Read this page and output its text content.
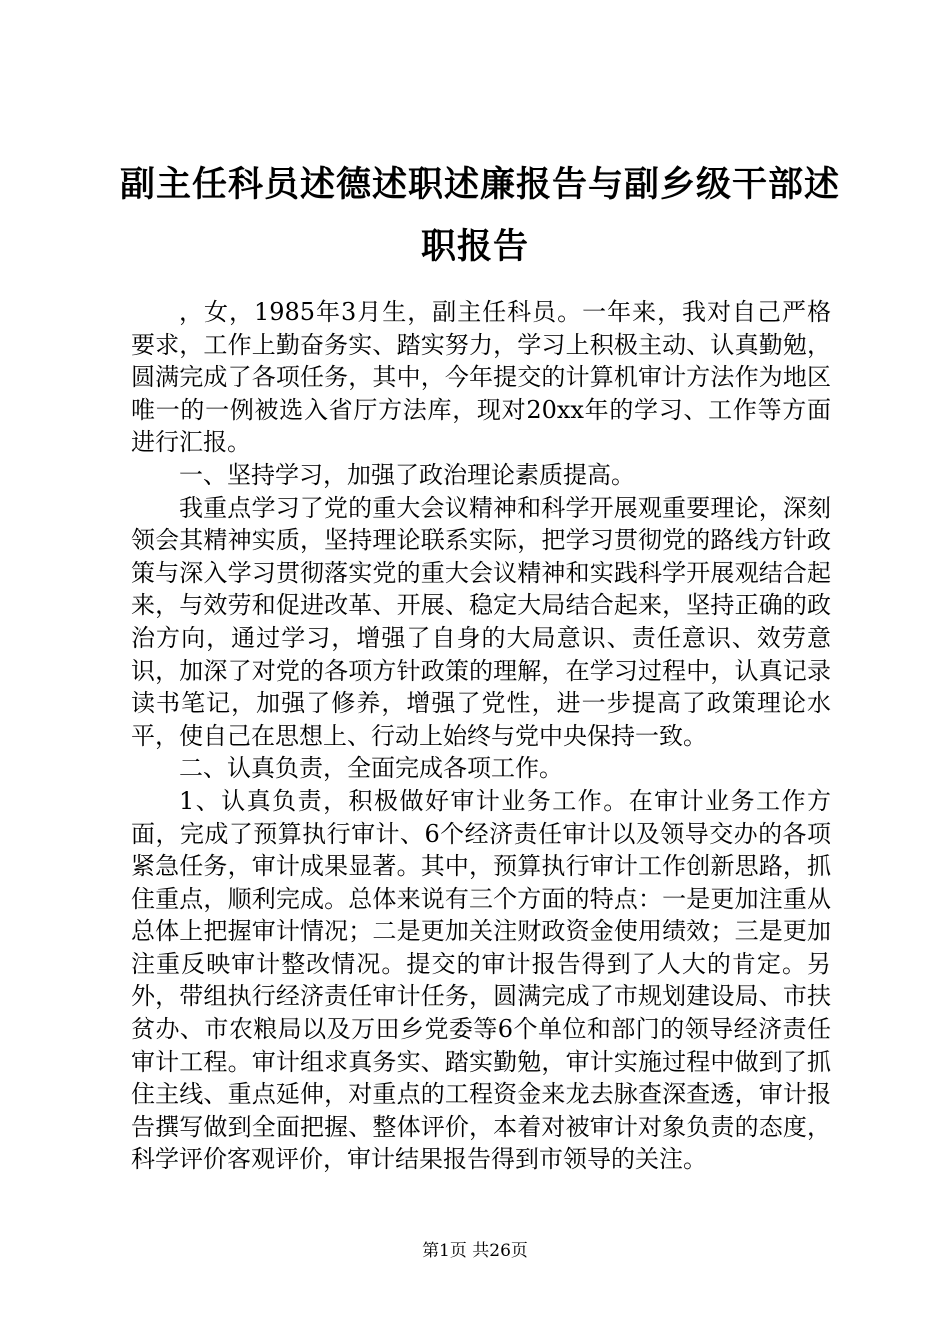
副主任科员述德述职述廉报告与副乡级干部述
职报告

，女，1985年3月生，副主任科员。一年来，我对自己严格要求，工作上勤奋务实、踏实努力，学习上积极主动、认真勤勉，圆满完成了各项任务，其中，今年提交的计算机审计方法作为地区唯一的一例被选入省厅方法库，现对20xx年的学习、工作等方面进行汇报。

一、坚持学习，加强了政治理论素质提高。

我重点学习了党的重大会议精神和科学开展观重要理论，深刻领会其精神实质，坚持理论联系实际，把学习贯彻党的路线方针政策与深入学习贯彻落实党的重大会议精神和实践科学开展观结合起来，与效劳和促进改革、开展、稳定大局结合起来，坚持正确的政治方向，通过学习，增强了自身的大局意识、责任意识、效劳意识，加深了对党的各项方针政策的理解，在学习过程中，认真记录读书笔记，加强了修养，增强了党性，进一步提高了政策理论水平，使自己在思想上、行动上始终与党中央保持一致。

二、认真负责，全面完成各项工作。

1、认真负责，积极做好审计业务工作。在审计业务工作方面，完成了预算执行审计、6个经济责任审计以及领导交办的各项紧急任务，审计成果显著。其中，预算执行审计工作创新思路，抓住重点，顺利完成。总体来说有三个方面的特点：一是更加注重从总体上把握审计情况；二是更加关注财政资金使用绩效；三是更加注重反映审计整改情况。提交的审计报告得到了人大的肯定。另外，带组执行经济责任审计任务，圆满完成了市规划建设局、市扶贫办、市农粮局以及万田乡党委等6个单位和部门的领导经济责任审计工程。审计组求真务实、踏实勤勉，审计实施过程中做到了抓住主线、重点延伸，对重点的工程资金来龙去脉查深查透，审计报告撰写做到全面把握、整体评价，本着对被审计对象负责的态度，科学评价客观评价，审计结果报告得到市领导的关注。

第1页 共26页
